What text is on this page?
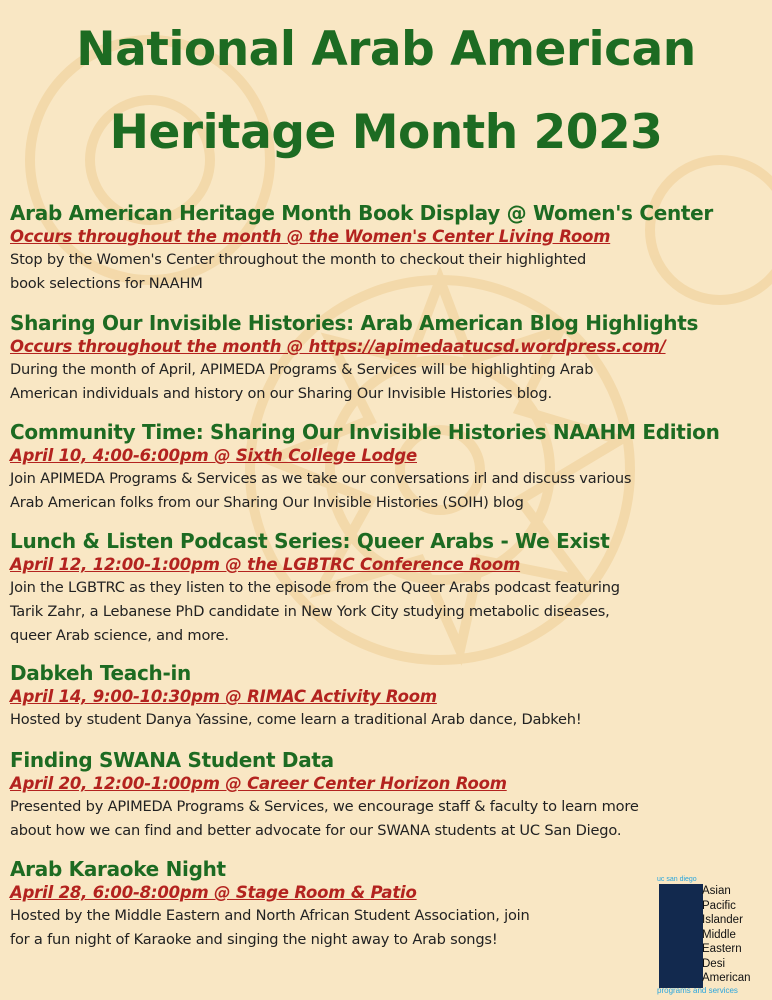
National Arab American
Heritage Month 2023
Arab American Heritage Month Book Display @ Women's Center
Occurs throughout the month @ the Women's Center Living Room
Stop by the Women's Center throughout the month to checkout their highlighted
book selections for NAAHM
Sharing Our Invisible Histories: Arab American Blog Highlights
Occurs throughout the month @ https://apimedaatucsd.wordpress.com/
During the month of April, APIMEDA Programs & Services will be highlighting Arab
American individuals and history on our Sharing Our Invisible Histories blog.
Community Time: Sharing Our Invisible Histories NAAHM Edition
April 10, 4:00-6:00pm @ Sixth College Lodge
Join APIMEDA Programs & Services as we take our conversations irl and discuss various
Arab American folks from our Sharing Our Invisible Histories (SOIH) blog
Lunch & Listen Podcast Series: Queer Arabs - We Exist
April 12, 12:00-1:00pm @ the LGBTRC Conference Room
Join the LGBTRC as they listen to the episode from the Queer Arabs podcast featuring
Tarik Zahr, a Lebanese PhD candidate in New York City studying metabolic diseases,
queer Arab science, and more.
Dabkeh Teach-in
April 14, 9:00-10:30pm @ RIMAC Activity Room
Hosted by student Danya Yassine, come learn a traditional Arab dance, Dabkeh!
Finding SWANA Student Data
April 20, 12:00-1:00pm @ Career Center Horizon Room
Presented by APIMEDA Programs & Services, we encourage staff & faculty to learn more
about how we can find and better advocate for our SWANA students at UC San Diego.
Arab Karaoke Night
April 28, 6:00-8:00pm @ Stage Room & Patio
Hosted by the Middle Eastern and North African Student Association, join
for a fun night of Karaoke and singing the night away to Arab songs!
uc san diego
Asian
Pacific
Islander
Middle
Eastern
Desi
American
programs and services
